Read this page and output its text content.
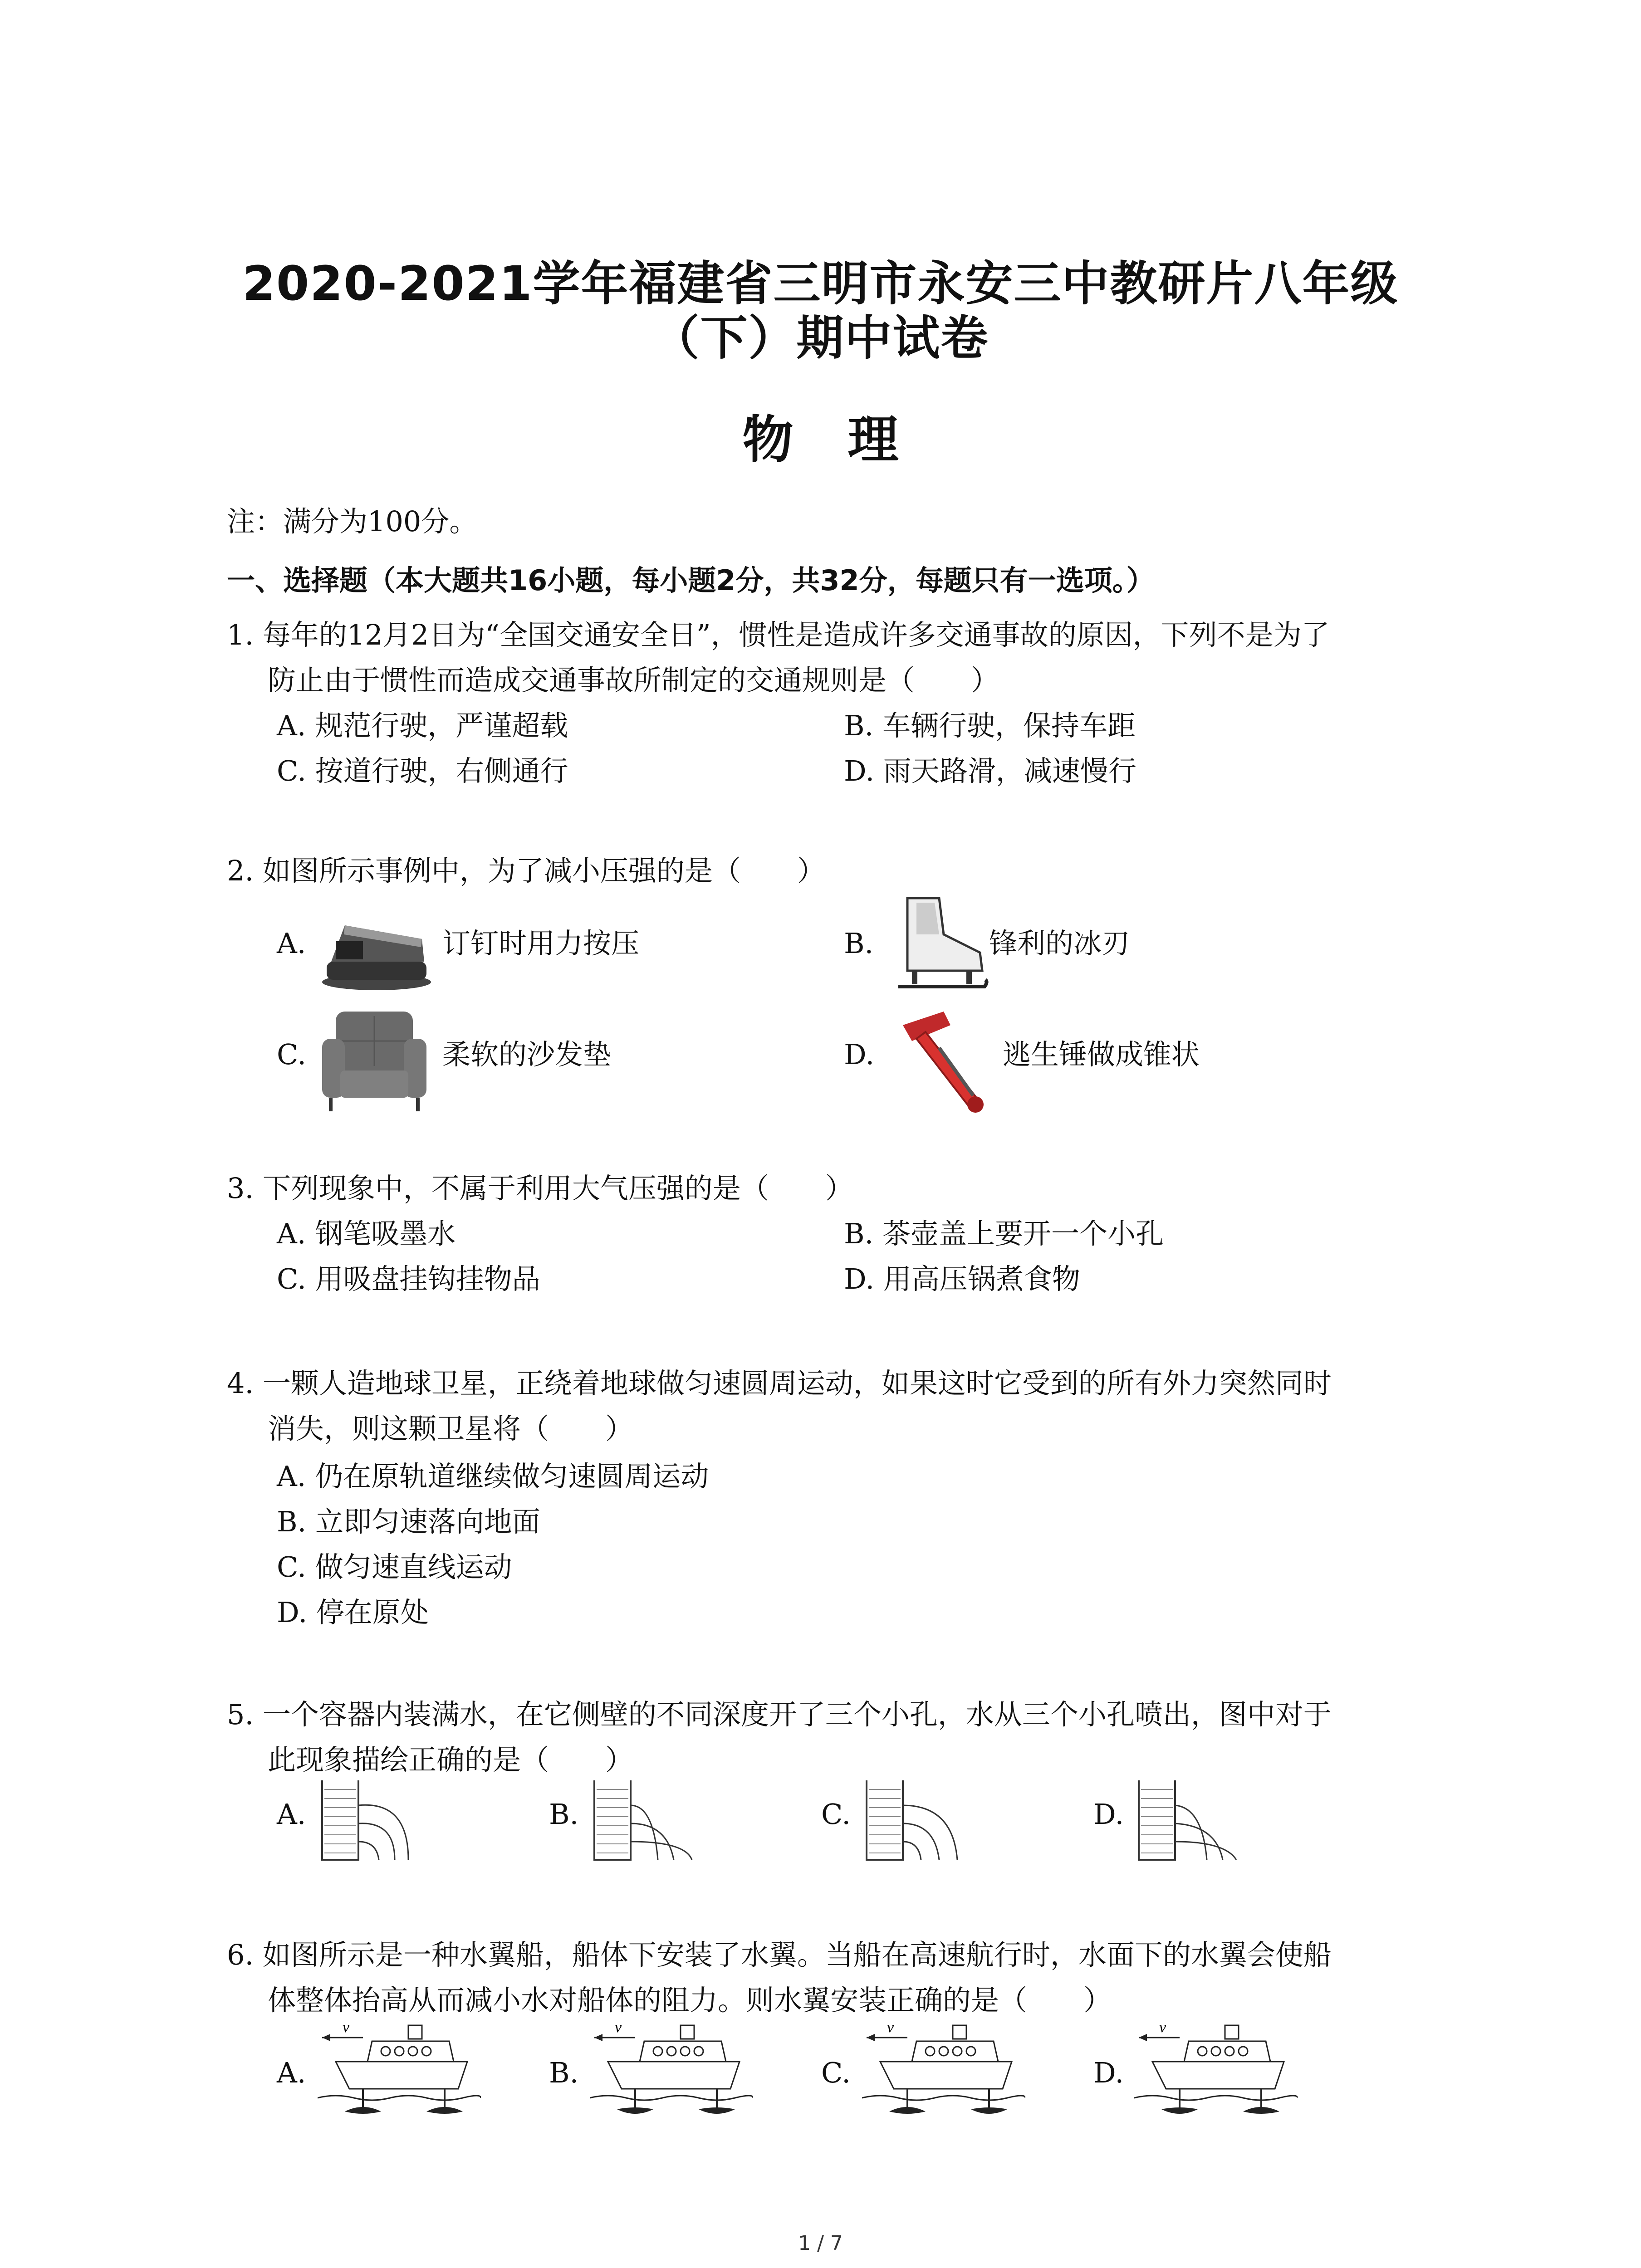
2020-2021学年福建省三明市永安三中教研片八年级
（下）期中试卷
物理
注：满分为100分。
一、选择题（本大题共16小题，每小题2分，共32分，每题只有一选项。）
1. 每年的12月2日为“全国交通安全日”，惯性是造成许多交通事故的原因，下列不是为了
防止由于惯性而造成交通事故所制定的交通规则是（　　）
A. 规范行驶，严谨超载	B. 车辆行驶，保持车距
C. 按道行驶，右侧通行	D. 雨天路滑，减速慢行
2. 如图所示事例中，为了减小压强的是（　　）
A.	订钉时用力按压	B.	锋利的冰刃
C.	柔软的沙发垫	D.	逃生锤做成锥状
3. 下列现象中，不属于利用大气压强的是（　　）
A. 钢笔吸墨水	B. 茶壶盖上要开一个小孔
C. 用吸盘挂钩挂物品	D. 用高压锅煮食物
4. 一颗人造地球卫星，正绕着地球做匀速圆周运动，如果这时它受到的所有外力突然同时
消失，则这颗卫星将（　　）
A. 仍在原轨道继续做匀速圆周运动
B. 立即匀速落向地面
C. 做匀速直线运动
D. 停在原处
5. 一个容器内装满水，在它侧壁的不同深度开了三个小孔，水从三个小孔喷出，图中对于
此现象描绘正确的是（　　）
A.	B.	C.	D.
6. 如图所示是一种水翼船，船体下安装了水翼。当船在高速航行时，水面下的水翼会使船
体整体抬高从而减小水对船体的阻力。则水翼安装正确的是（　　）
A.
v
B.
v
C.
v
D.
v
1 / 7
